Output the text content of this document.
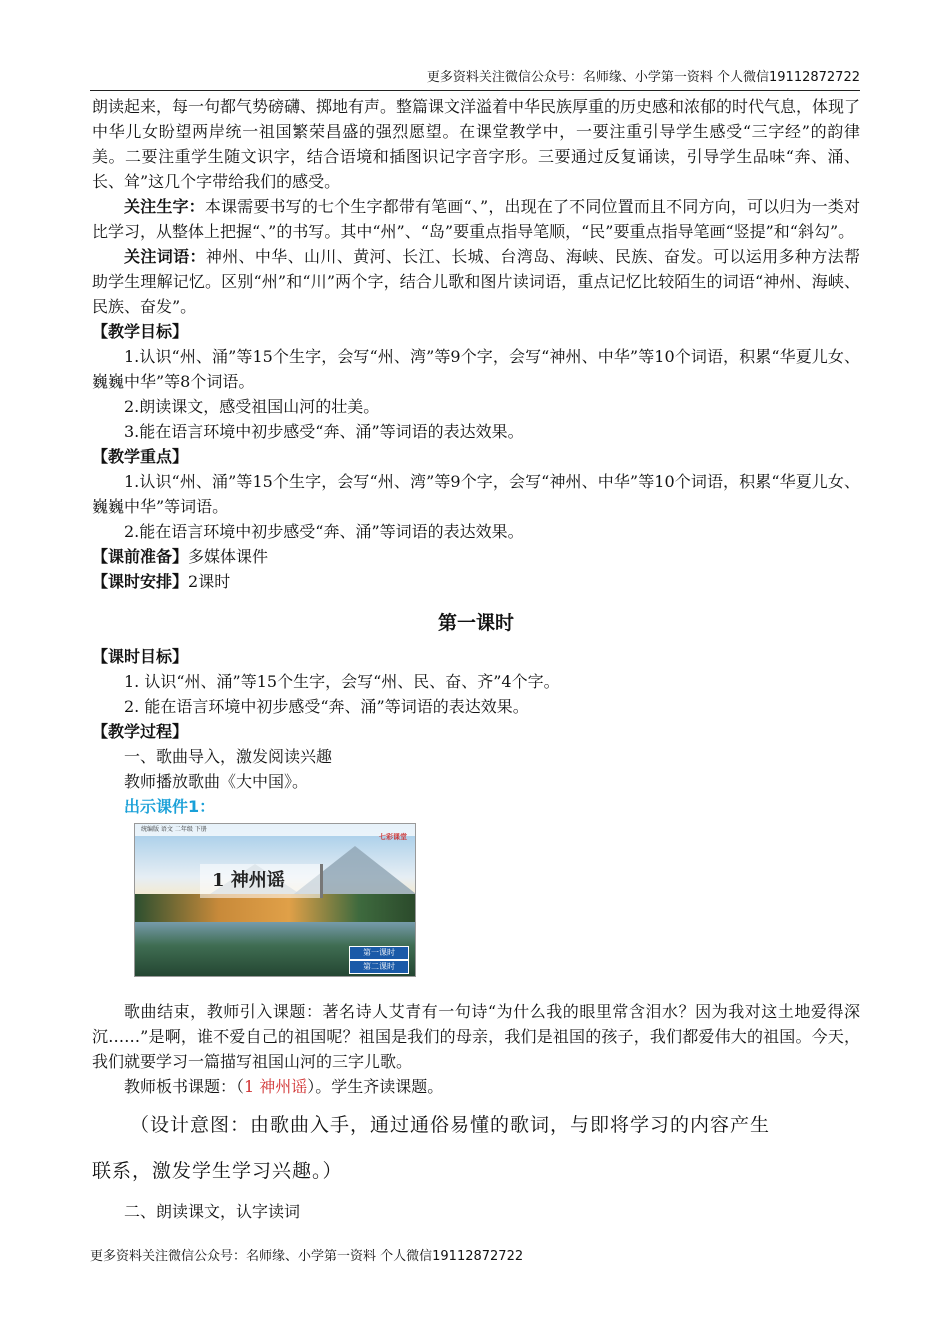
更多资料关注微信公众号：名师缘、小学第一资料 个人微信19112872722

朗读起来，每一句都气势磅礴、掷地有声。整篇课文洋溢着中华民族厚重的历史感和浓郁的时代气息，体现了中华儿女盼望两岸统一祖国繁荣昌盛的强烈愿望。在课堂教学中，一要注重引导学生感受“三字经”的韵律美。二要注重学生随文识字，结合语境和插图识记字音字形。三要通过反复诵读，引导学生品味“奔、涌、长、耸”这几个字带给我们的感受。

关注生字：本课需要书写的七个生字都带有笔画“、”，出现在了不同位置而且不同方向，可以归为一类对比学习，从整体上把握“、”的书写。其中“州”、“岛”要重点指导笔顺，“民”要重点指导笔画“竖提”和“斜勾”。

关注词语：神州、中华、山川、黄河、长江、长城、台湾岛、海峡、民族、奋发。可以运用多种方法帮助学生理解记忆。区别“州”和“川”两个字，结合儿歌和图片读词语，重点记忆比较陌生的词语“神州、海峡、民族、奋发”。

【教学目标】

1.认识“州、涌”等15个生字，会写“州、湾”等9个字，会写“神州、中华”等10个词语，积累“华夏儿女、巍巍中华”等8个词语。

2.朗读课文，感受祖国山河的壮美。

3.能在语言环境中初步感受“奔、涌”等词语的表达效果。

【教学重点】

1.认识“州、涌”等15个生字，会写“州、湾”等9个字，会写“神州、中华”等10个词语，积累“华夏儿女、巍巍中华”等词语。

2.能在语言环境中初步感受“奔、涌”等词语的表达效果。

【课前准备】多媒体课件

【课时安排】2课时

第一课时

【课时目标】

1. 认识“州、涌”等15个生字，会写“州、民、奋、齐”4个字。

2. 能在语言环境中初步感受“奔、涌”等词语的表达效果。

【教学过程】

一、歌曲导入，激发阅读兴趣

教师播放歌曲《大中国》。

出示课件1：

统编版 语文 二年级 下册
七彩课堂
1 神州谣
第一课时
第二课时

歌曲结束，教师引入课题：著名诗人艾青有一句诗“为什么我的眼里常含泪水？因为我对这土地爱得深沉……”是啊，谁不爱自己的祖国呢？祖国是我们的母亲，我们是祖国的孩子，我们都爱伟大的祖国。今天，我们就要学习一篇描写祖国山河的三字儿歌。

教师板书课题：（1 神州谣）。学生齐读课题。

（设计意图：由歌曲入手，通过通俗易懂的歌词，与即将学习的内容产生

联系，激发学生学习兴趣。）

二、朗读课文，认字读词

更多资料关注微信公众号：名师缘、小学第一资料 个人微信19112872722
